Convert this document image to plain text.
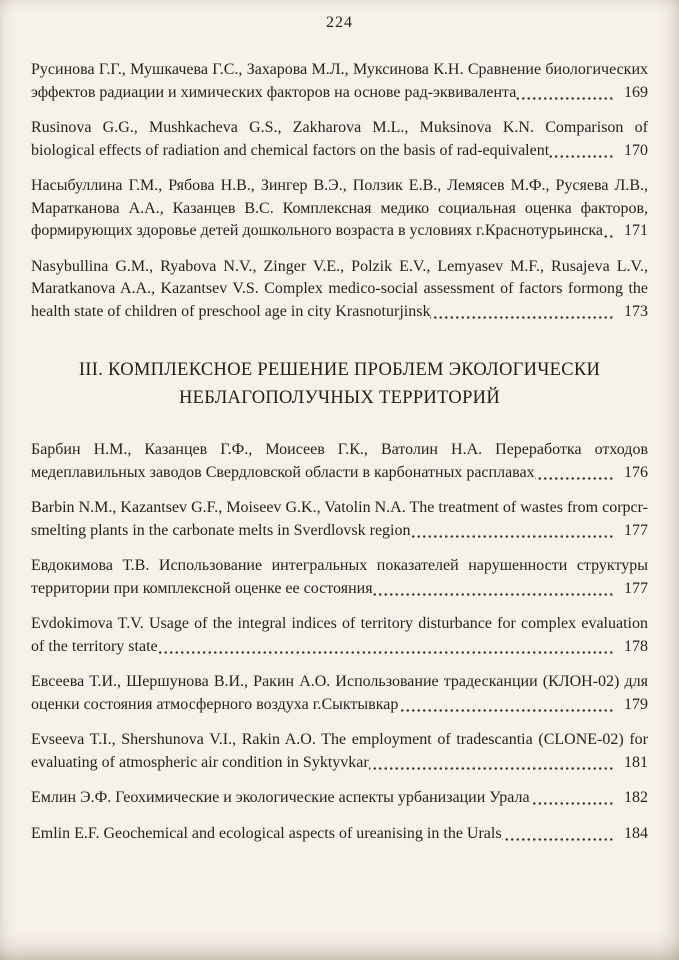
224

Русинова Г.Г., Мушкачева Г.С., Захарова М.Л., Муксинова К.Н. Сравнение биологических эффектов радиации и химических факторов на основе рад-эквивалента	169

Rusinova G.G., Mushkacheva G.S., Zakharova M.L., Muksinova K.N. Comparison of biological effects of radiation and chemical factors on the basis of rad-equivalent	170

Насыбуллина Г.М., Рябова Н.В., Зингер В.Э., Ползик Е.В., Лемясев М.Ф., Русяева Л.В., Маратканова А.А., Казанцев В.С. Комплексная медико социальная оценка факторов, формирующих здоровье детей дошкольного возраста в условиях г.Краснотурьинска	171

Nasybullina G.M., Ryabova N.V., Zinger V.E., Polzik E.V., Lemyasev M.F., Rusajeva L.V., Maratkanova A.A., Kazantsev V.S. Complex medico-social assessment of factors formong the health state of children of preschool age in city Krasnoturjinsk	173

III. КОМПЛЕКСНОЕ РЕШЕНИЕ ПРОБЛЕМ ЭКОЛОГИЧЕСКИ НЕБЛАГОПОЛУЧНЫХ ТЕРРИТОРИЙ

Барбин Н.М., Казанцев Г.Ф., Моисеев Г.К., Ватолин Н.А. Переработка отходов медеплавильных заводов Свердловской области в карбонатных расплавах	176

Barbin N.M., Kazantsev G.F., Moiseev G.K., Vatolin N.A. The treatment of wastes from corpcr-smelting plants in the carbonate melts in Sverdlovsk region	177

Евдокимова Т.В. Использование интегральных показателей нарушенности структуры территории при комплексной оценке ее состояния	177

Evdokimova T.V. Usage of the integral indices of territory disturbance for complex evaluation of the territory state	178

Евсеева Т.И., Шершунова В.И., Ракин А.О. Использование традесканции (КЛОН-02) для оценки состояния атмосферного воздуха г.Сыктывкар	179

Evseeva T.I., Shershunova V.I., Rakin A.O. The employment of tradescantia (CLONE-02) for evaluating of atmospheric air condition in Syktyvkar	181

Емлин Э.Ф. Геохимические и экологические аспекты урбанизации Урала	182

Emlin E.F. Geochemical and ecological aspects of ureanising in the Urals	184
